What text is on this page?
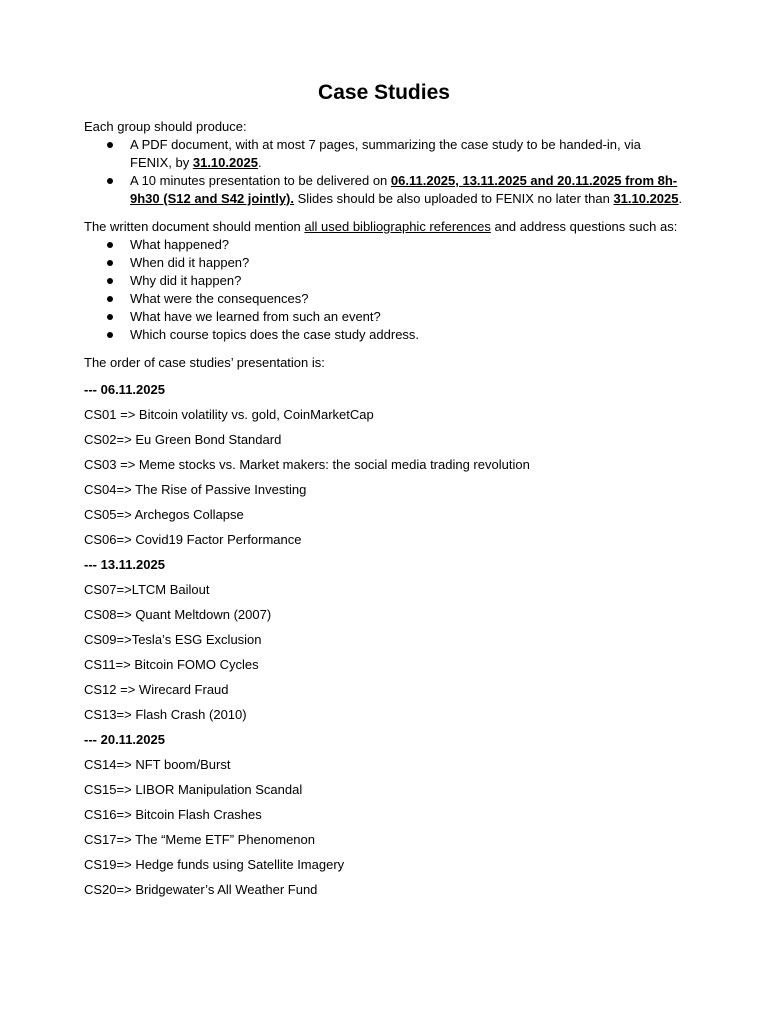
Case Studies

Each group should produce:

A PDF document, with at most 7 pages, summarizing the case study to be handed-in, via FENIX, by 31.10.2025.
A 10 minutes presentation to be delivered on 06.11.2025, 13.11.2025 and 20.11.2025 from 8h-9h30 (S12 and S42 jointly). Slides should be also uploaded to FENIX no later than 31.10.2025.

The written document should mention all used bibliographic references and address questions such as:

What happened?
When did it happen?
Why did it happen?
What were the consequences?
What have we learned from such an event?
Which course topics does the case study address.

The order of case studies’ presentation is:

--- 06.11.2025
CS01 => Bitcoin volatility vs. gold, CoinMarketCap
CS02=> Eu Green Bond Standard
CS03 => Meme stocks vs. Market makers: the social media trading revolution
CS04=> The Rise of Passive Investing
CS05=> Archegos Collapse
CS06=> Covid19 Factor Performance
--- 13.11.2025
CS07=>LTCM Bailout
CS08=> Quant Meltdown (2007)
CS09=>Tesla’s ESG Exclusion
CS11=> Bitcoin FOMO Cycles
CS12 => Wirecard Fraud
CS13=> Flash Crash (2010)
--- 20.11.2025
CS14=> NFT boom/Burst
CS15=> LIBOR Manipulation Scandal
CS16=> Bitcoin Flash Crashes
CS17=> The “Meme ETF” Phenomenon
CS19=> Hedge funds using Satellite Imagery
CS20=> Bridgewater’s All Weather Fund
